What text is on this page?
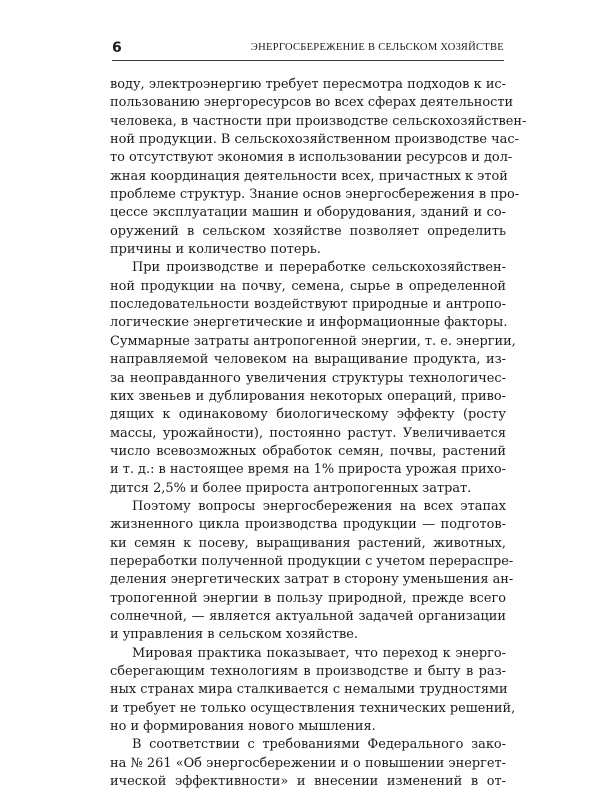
6	ЭНЕРГОСБЕРЕЖЕНИЕ В СЕЛЬСКОМ ХОЗЯЙСТВЕ
воду, электроэнергию требует пересмотра подходов к ис-
пользованию энергоресурсов во всех сферах деятельности
человека, в частности при производстве сельскохозяйствен-
ной продукции. В сельскохозяйственном производстве час-
то отсутствуют экономия в использовании ресурсов и дол-
жная координация деятельности всех, причастных к этой
проблеме структур. Знание основ энергосбережения в про-
цессе эксплуатации машин и оборудования, зданий и со-
оружений в сельском хозяйстве позволяет определить
причины и количество потерь.
При производстве и переработке сельскохозяйствен-
ной продукции на почву, семена, сырье в определенной
последовательности воздействуют природные и антропо-
логические энергетические и информационные факторы.
Суммарные затраты антропогенной энергии, т. е. энергии,
направляемой человеком на выращивание продукта, из-
за неоправданного увеличения структуры технологичес-
ких звеньев и дублирования некоторых операций, приво-
дящих к одинаковому биологическому эффекту (росту
массы, урожайности), постоянно растут. Увеличивается
число всевозможных обработок семян, почвы, растений
и т. д.: в настоящее время на 1% прироста урожая прихо-
дится 2,5% и более прироста антропогенных затрат.
Поэтому вопросы энергосбережения на всех этапах
жизненного цикла производства продукции — подготов-
ки семян к посеву, выращивания растений, животных,
переработки полученной продукции с учетом перераспре-
деления энергетических затрат в сторону уменьшения ан-
тропогенной энергии в пользу природной, прежде всего
солнечной, — является актуальной задачей организации
и управления в сельском хозяйстве.
Мировая практика показывает, что переход к энерго-
сберегающим технологиям в производстве и быту в раз-
ных странах мира сталкивается с немалыми трудностями
и требует не только осуществления технических решений,
но и формирования нового мышления.
В соответствии с требованиями Федерального зако-
на № 261 «Об энергосбережении и о повышении энергет-
ической эффективности» и внесении изменений в от-
